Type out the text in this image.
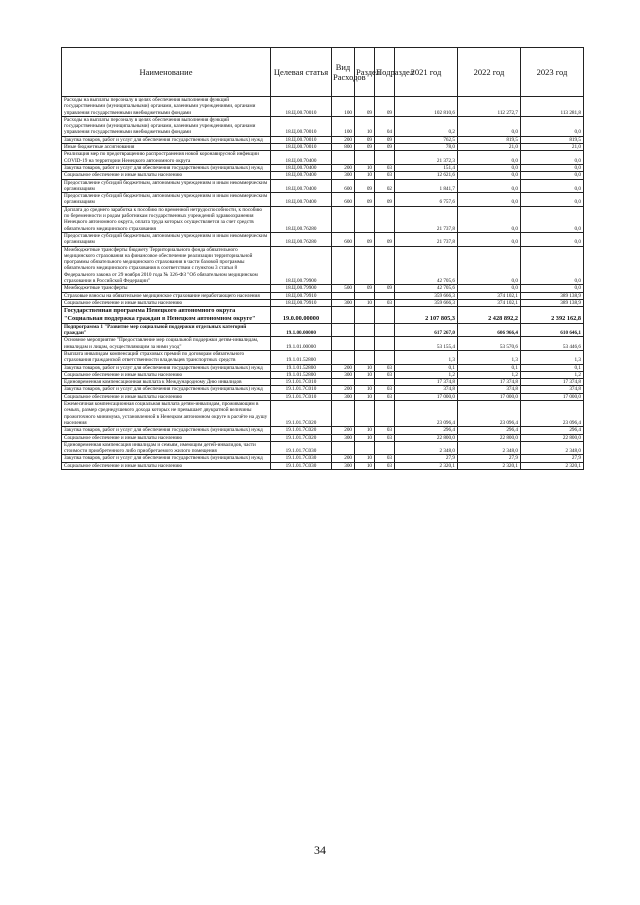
Наименование	Целевая статья	Вид Расходов	Раздел	Подраздел	2021 год	2022 год	2023 год
Расходы на выплаты персоналу в целях обеспечения выполнения функций государственными (муниципальными) органами, казенными учреждениями, органами управления государственными внебюджетными фондами	18.Ц.00.70010	100	09	09	102 810,6	112 272,7	113 281,8
Расходы на выплаты персоналу в целях обеспечения выполнения функций государственными (муниципальными) органами, казенными учреждениями, органами управления государственными внебюджетными фондами	18.Ц.00.70010	100	10	04	0,2	0,0	0,0
Закупка товаров, работ и услуг для обеспечения государственных (муниципальных) нужд	18.Ц.00.70010	200	09	09	762,5	819,5	819,5
Иные бюджетные ассигнования	18.Ц.00.70010	800	09	09	78,0	21,0	21,0
Реализация мер по предотвращению распространения новой коронавирусной инфекции COVID-19 на территории Ненецкого автономного округа	18.Ц.00.70400				21 372,3	0,0	0,0
Закупка товаров, работ и услуг для обеспечения государственных (муниципальных) нужд	18.Ц.00.70400	200	10	03	151,4	0,0	0,0
Социальное обеспечение и иные выплаты населению	18.Ц.00.70400	300	10	03	12 621,6	0,0	0,0
Предоставление субсидий бюджетным, автономным учреждениям и иным некоммерческим организациям	18.Ц.00.70400	600	09	02	1 841,7	0,0	0,0
Предоставление субсидий бюджетным, автономным учреждениям и иным некоммерческим организациям	18.Ц.00.70400	600	09	09	6 757,6	0,0	0,0
Доплата до среднего заработка к пособию по временной нетрудоспособности, к пособию по беременности и родам работникам государственных учреждений здравоохранения Ненецкого автономного округа, оплата труда которых осуществляется за счет средств обязательного медицинского страхования	18.Ц.00.76280				21 737,8	0,0	0,0
Предоставление субсидий бюджетным, автономным учреждениям и иным некоммерческим организациям	18.Ц.00.76280	600	09	09	21 737,8	0,0	0,0
Межбюджетные трансферты бюджету Территориального фонда обязательного медицинского страхования на финансовое обеспечение реализации территориальной программы обязательного медицинского страхования в части базовой программы обязательного медицинского страхования в соответствии с пунктом 3 статьи 8 Федерального закона от 29 ноября 2010 года № 326-ФЗ "Об обязательном медицинском страховании в Российской Федерации"	18.Ц.00.79900				42 705,6	0,0	0,0
Межбюджетные трансферты	18.Ц.00.79900	500	09	09	42 705,6	0,0	0,0
Страховые взносы на обязательное медицинское страхование неработающего населения	18.Ц.00.79910				359 666,3	374 102,1	389 138,9
Социальное обеспечение и иные выплаты населению	18.Ц.00.79910	300	10	03	359 666,3	374 102,1	389 138,9
Государственная программа Ненецкого автономного округа "Социальная поддержка граждан в Ненецком автономном округе"	19.0.00.00000				2 107 805,3	2 428 892,2	2 392 162,8
Подпрограмма 1 "Развитие мер социальной поддержки отдельных категорий граждан"	19.1.00.00000				617 267,0	606 966,4	610 646,1
Основное мероприятие "Предоставление мер социальной поддержки детям-инвалидам, инвалидам и лицам, осуществляющим за ними уход"	19.1.01.00000				53 155,4	53 570,6	53 446,6
Выплата инвалидам компенсаций страховых премий по договорам обязательного страхования гражданской ответственности владельцев транспортных средств	19.1.01.52800				1,3	1,3	1,3
Закупка товаров, работ и услуг для обеспечения государственных (муниципальных) нужд	19.1.01.52800	200	10	03	0,1	0,1	0,1
Социальное обеспечение и иные выплаты населению	19.1.01.52800	300	10	03	1,2	1,2	1,2
Единовременная компенсационная выплата к Международному Дню инвалидов	19.1.01.7С010				17 374,8	17 374,8	17 374,8
Закупка товаров, работ и услуг для обеспечения государственных (муниципальных) нужд	19.1.01.7С010	200	10	03	374,8	374,8	374,8
Социальное обеспечение и иные выплаты населению	19.1.01.7С010	300	10	03	17 000,0	17 000,0	17 000,0
Ежемесячная компенсационная социальная выплата детям-инвалидам, проживающим в семьях, размер среднедушевого дохода которых не превышает двукратной величины прожиточного минимума, установленной в Ненецком автономном округе в расчёте на душу населения	19.1.01.7С020				23 096,4	23 096,4	23 096,4
Закупка товаров, работ и услуг для обеспечения государственных (муниципальных) нужд	19.1.01.7С020	200	10	03	296,4	296,4	296,4
Социальное обеспечение и иные выплаты населению	19.1.01.7С020	300	10	03	22 800,0	22 800,0	22 800,0
Единовременная компенсация инвалидам и семьям, имеющим детей-инвалидов, части стоимости приобретенного либо приобретаемого жилого помещения	19.1.01.7С030				2 348,0	2 348,0	2 348,0
Закупка товаров, работ и услуг для обеспечения государственных (муниципальных) нужд	19.1.01.7С030	200	10	03	27,9	27,9	27,9
Социальное обеспечение и иные выплаты населению	19.1.01.7С030	300	10	03	2 320,1	2 320,1	2 320,1
34
